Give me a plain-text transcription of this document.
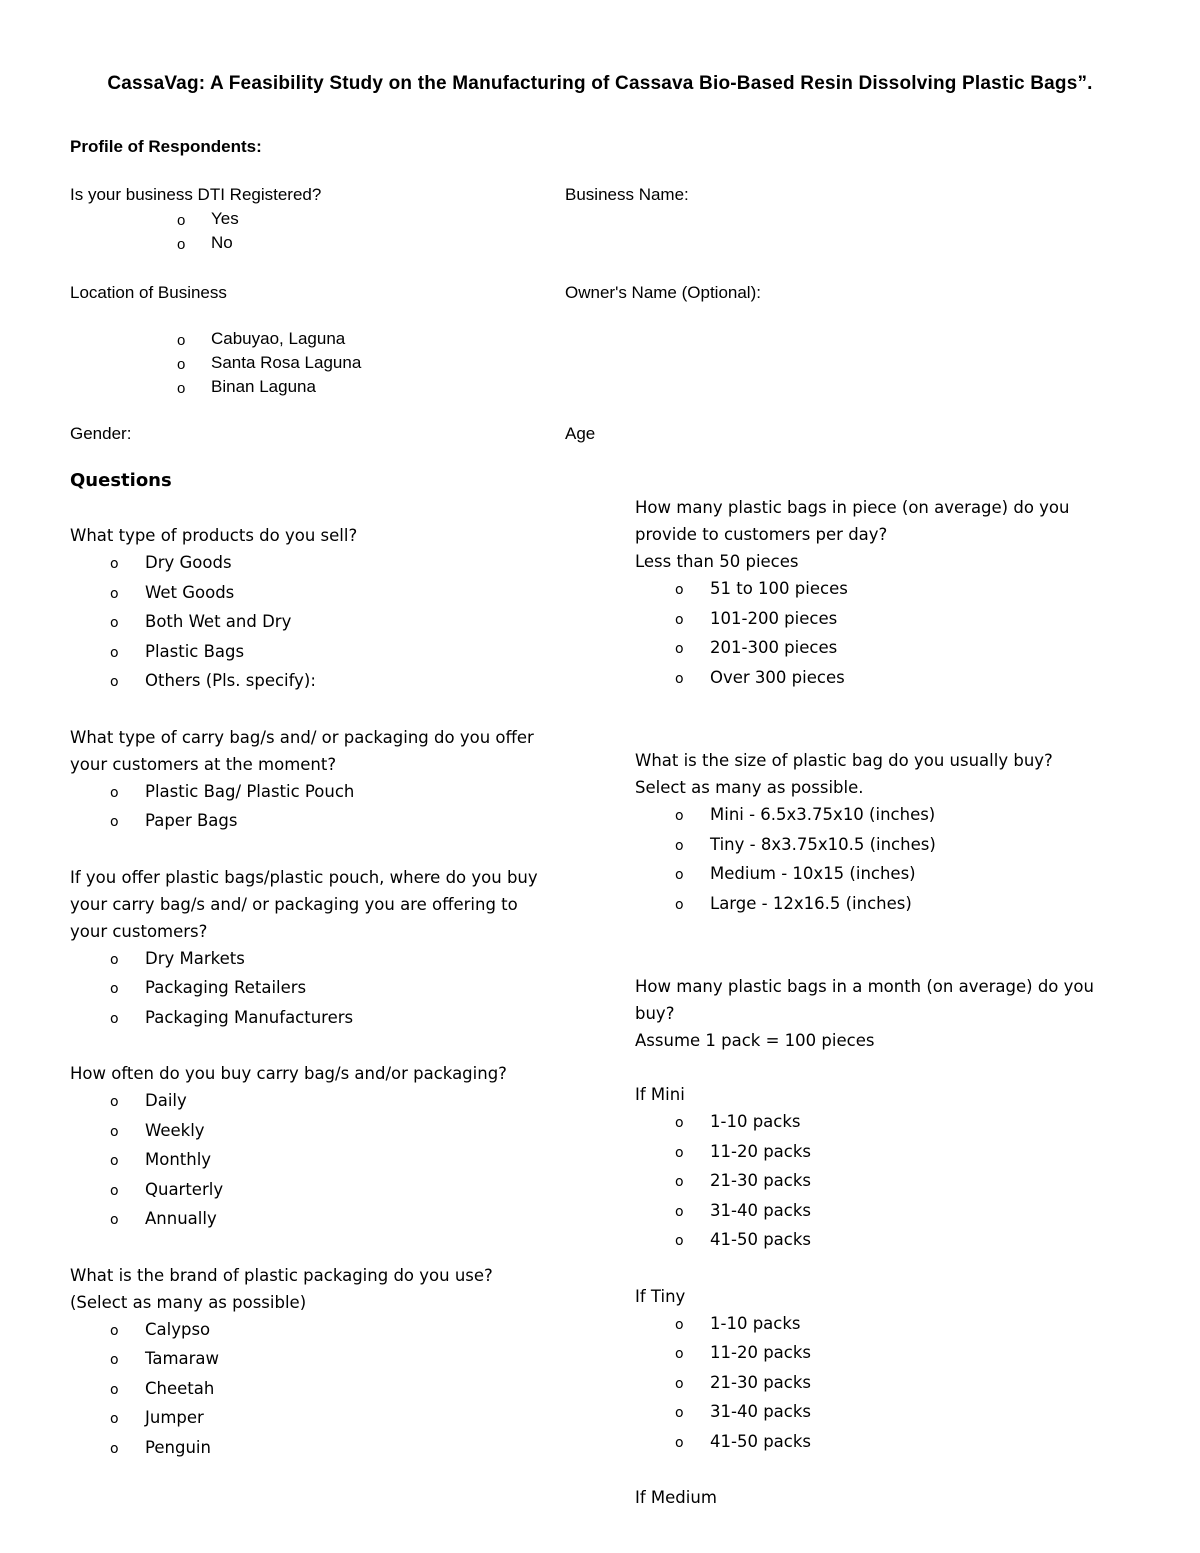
CassaVag: A Feasibility Study on the Manufacturing of Cassava Bio-Based Resin Dissolving Plastic Bags”.
Profile of Respondents:
Is your business DTI Registered?
o Yes
o No
Business Name:
Location of Business
o Cabuyao, Laguna
o Santa Rosa Laguna
o Binan Laguna
Owner's Name (Optional):
Gender:	Age
Questions
What type of products do you sell?
o Dry Goods
o Wet Goods
o Both Wet and Dry
o Plastic Bags
o Others (Pls. specify):
What type of carry bag/s and/ or packaging do you offer
your customers at the moment?
o Plastic Bag/ Plastic Pouch
o Paper Bags
If you offer plastic bags/plastic pouch, where do you buy
your carry bag/s and/ or packaging you are offering to
your customers?
o Dry Markets
o Packaging Retailers
o Packaging Manufacturers
How often do you buy carry bag/s and/or packaging?
o Daily
o Weekly
o Monthly
o Quarterly
o Annually
What is the brand of plastic packaging do you use?
(Select as many as possible)
o Calypso
o Tamaraw
o Cheetah
o Jumper
o Penguin
How many plastic bags in piece (on average) do you
provide to customers per day?
Less than 50 pieces
o 51 to 100 pieces
o 101-200 pieces
o 201-300 pieces
o Over 300 pieces
What is the size of plastic bag do you usually buy?
Select as many as possible.
o Mini - 6.5x3.75x10 (inches)
o Tiny - 8x3.75x10.5 (inches)
o Medium - 10x15 (inches)
o Large - 12x16.5 (inches)
How many plastic bags in a month (on average) do you
buy?
Assume 1 pack = 100 pieces
If Mini
o 1-10 packs
o 11-20 packs
o 21-30 packs
o 31-40 packs
o 41-50 packs
If Tiny
o 1-10 packs
o 11-20 packs
o 21-30 packs
o 31-40 packs
o 41-50 packs
If Medium
